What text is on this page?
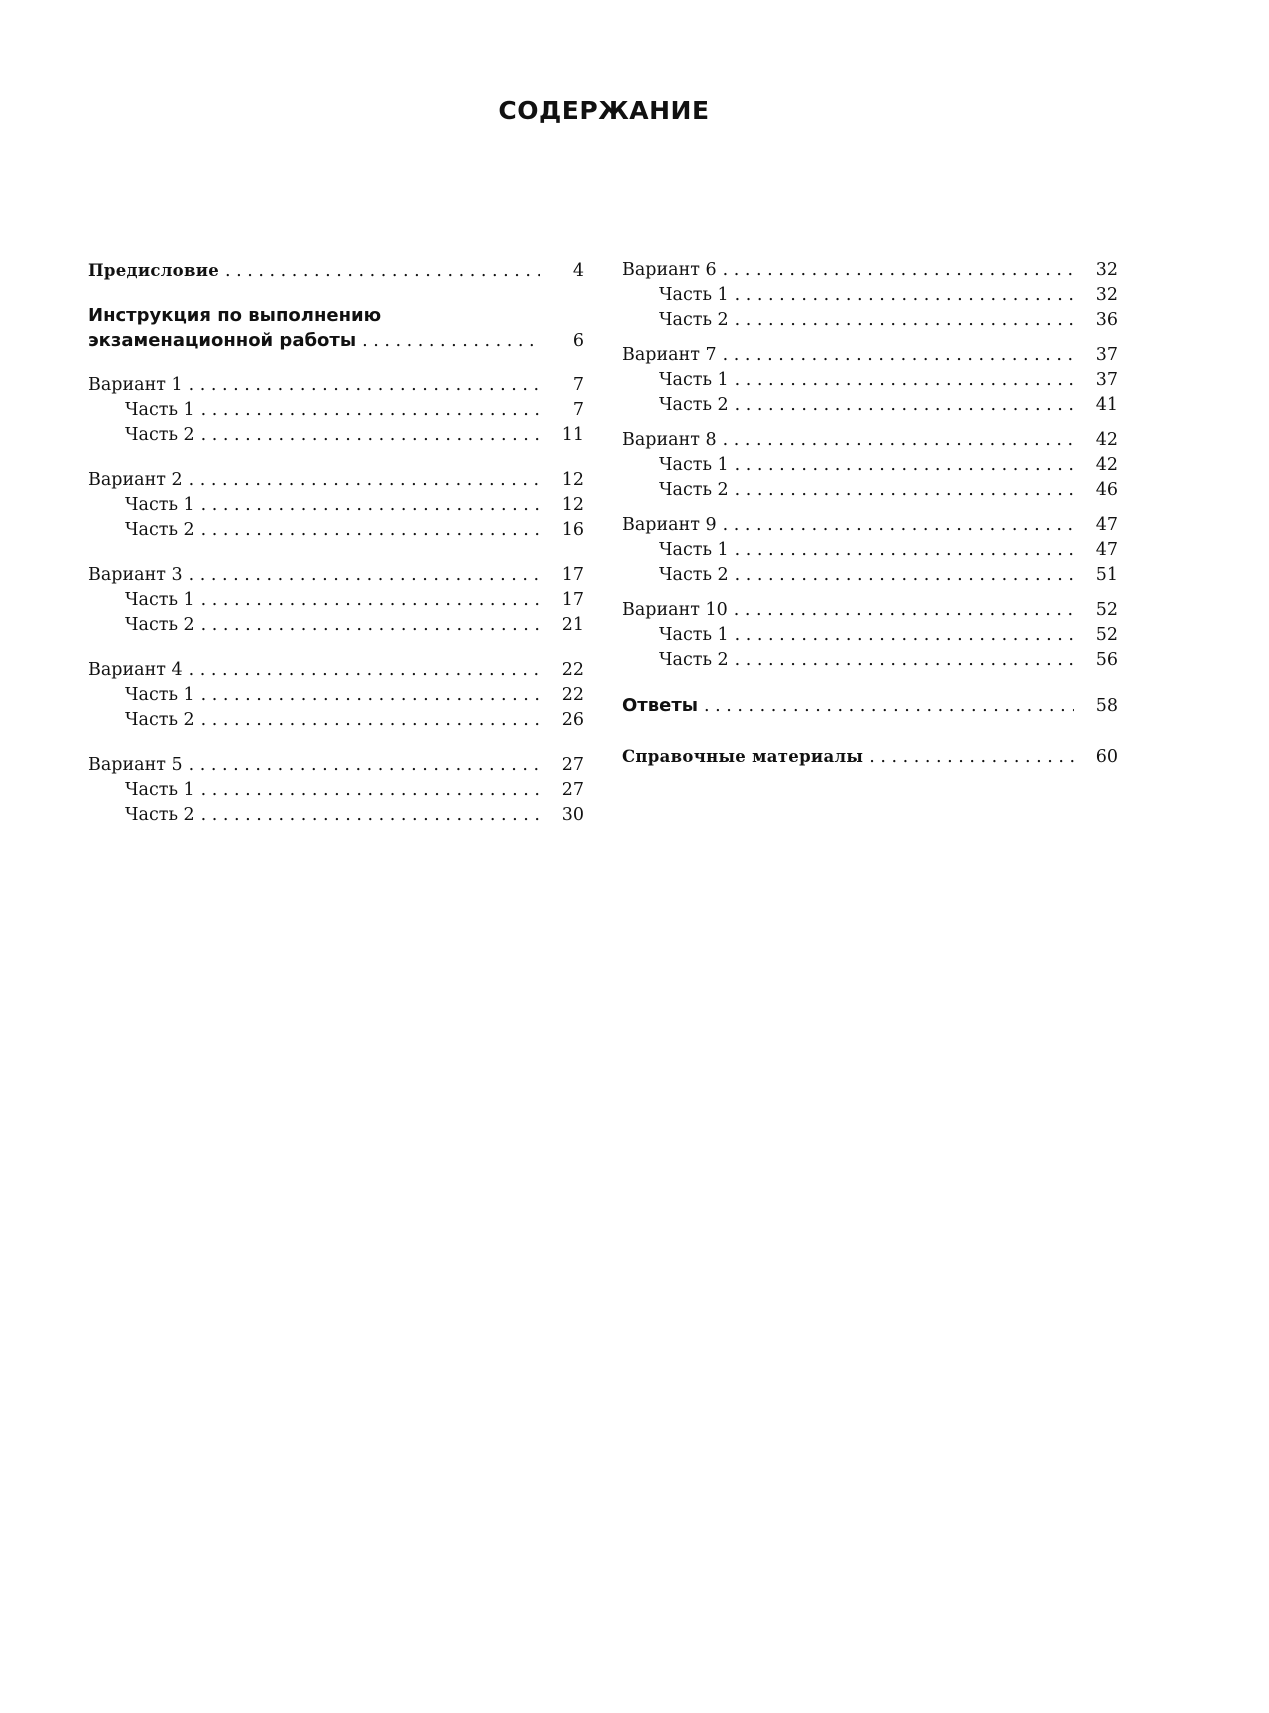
СОДЕРЖАНИЕ
Предисловие . . .	4
Инструкция по выполнению
экзаменационной работы . . .	6
Вариант 1 . . .	7
Часть 1 . . .	7
Часть 2 . . .	11
Вариант 2 . . .	12
Часть 1 . . .	12
Часть 2 . . .	16
Вариант 3 . . .	17
Часть 1 . . .	17
Часть 2 . . .	21
Вариант 4 . . .	22
Часть 1 . . .	22
Часть 2 . . .	26
Вариант 5 . . .	27
Часть 1 . . .	27
Часть 2 . . .	30
Вариант 6 . . .	32
Часть 1 . . .	32
Часть 2 . . .	36
Вариант 7 . . .	37
Часть 1 . . .	37
Часть 2 . . .	41
Вариант 8 . . .	42
Часть 1 . . .	42
Часть 2 . . .	46
Вариант 9 . . .	47
Часть 1 . . .	47
Часть 2 . . .	51
Вариант 10 . . .	52
Часть 1 . . .	52
Часть 2 . . .	56
Ответы . . .	58
Справочные материалы . . .	60
